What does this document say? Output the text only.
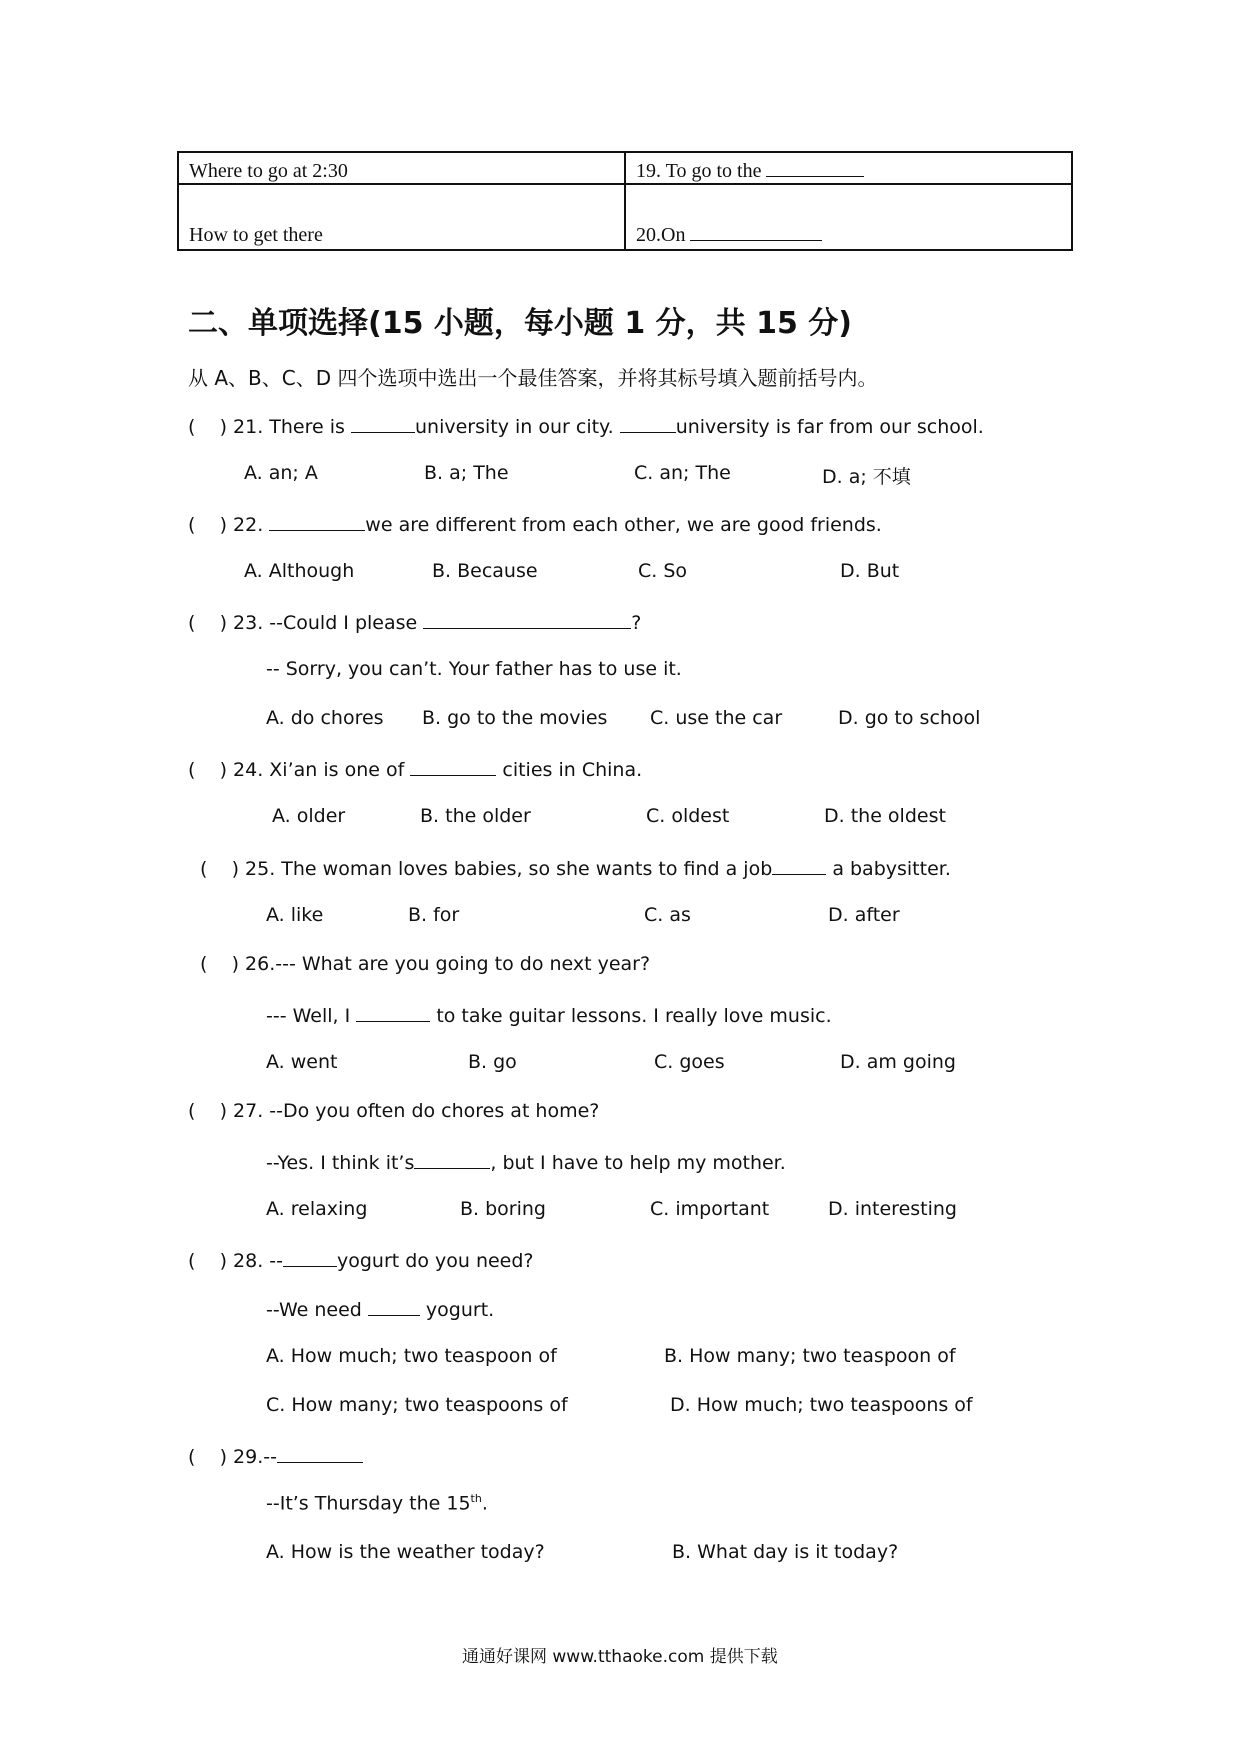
Where to go at 2:30	19. To go to the
How to get there	20.On
二、单项选择(15 小题，每小题 1 分，共 15 分)
从 A、B、C、D 四个选项中选出一个最佳答案，并将其标号填入题前括号内。
(    ) 21. There is	university in our city.	university is far from our school.
A. an; A	B. a; The	C. an; The	D. a; 不填
(    ) 22.	we are different from each other, we are good friends.
A. Although	B. Because	C. So	D. But
(    ) 23. --Could I please	?
-- Sorry, you can’t. Your father has to use it.
A. do chores B. go to the movies C. use the car	D. go to school
(    ) 24. Xi’an is one of	cities in China.
A. older	B. the older	C. oldest	D. the oldest
(    ) 25. The woman loves babies, so she wants to find a job	a babysitter.
A. like	B. for	C. as	D. after
(    ) 26.--- What are you going to do next year?
--- Well, I	to take guitar lessons. I really love music.
A. went	B. go	C. goes	D. am going
(    ) 27. --Do you often do chores at home?
--Yes. I think it’s	, but I have to help my mother.
A. relaxing	B. boring	C. important	D. interesting
(    ) 28. --	yogurt do you need?
--We need	yogurt.
A. How much; two teaspoon of	B. How many; two teaspoon of
C. How many; two teaspoons of	D. How much; two teaspoons of
(    ) 29.--
--It’s Thursday the 15th.
A. How is the weather today?	B. What day is it today?
通通好课网 www.tthaoke.com 提供下载
